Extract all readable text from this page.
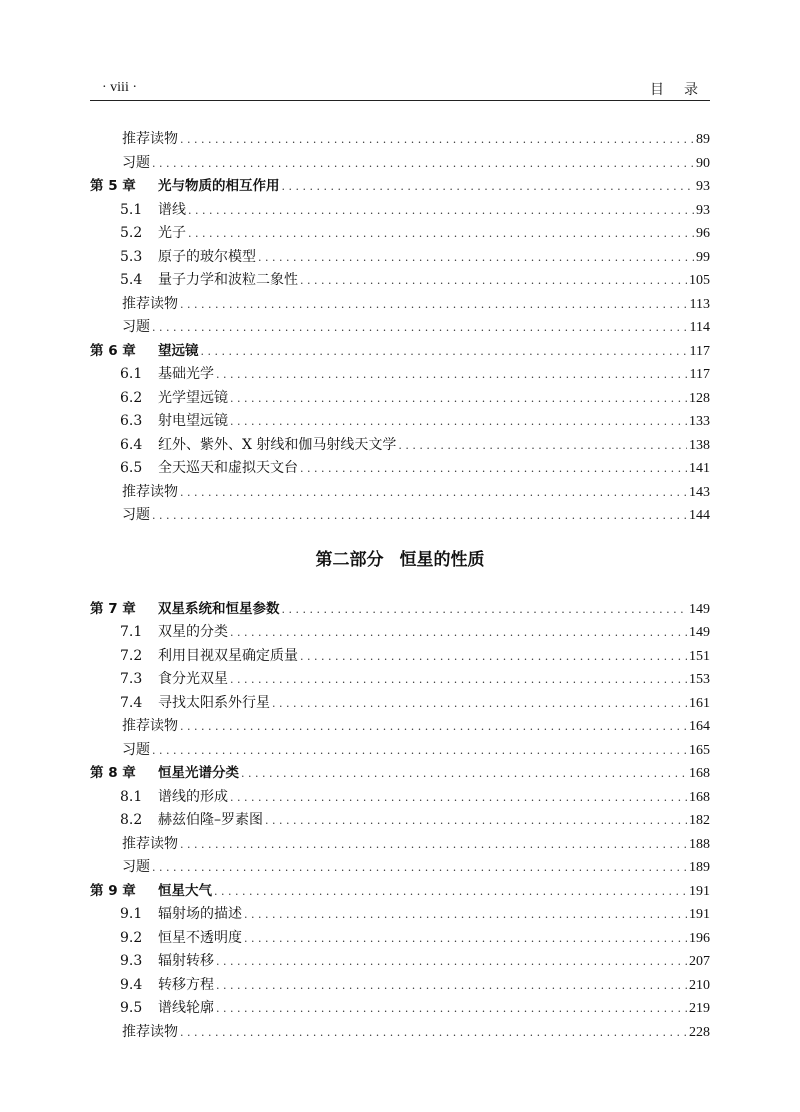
· viii ·	目录
推荐读物 . . .	89
习题 . . .	90
第 5 章	光与物质的相互作用 . . .	93
5.1	谱线 . . .	93
5.2	光子 . . .	96
5.3	原子的玻尔模型 . . .	99
5.4	量子力学和波粒二象性 . . .	105
推荐读物 . . .	113
习题 . . .	114
第 6 章	望远镜 . . .	117
6.1	基础光学 . . .	117
6.2	光学望远镜 . . .	128
6.3	射电望远镜 . . .	133
6.4	红外、紫外、X 射线和伽马射线天文学 . . .	138
6.5	全天巡天和虚拟天文台 . . .	141
推荐读物 . . .	143
习题 . . .	144
第二部分 恒星的性质
第 7 章	双星系统和恒星参数 . . .	149
7.1	双星的分类 . . .	149
7.2	利用目视双星确定质量 . . .	151
7.3	食分光双星 . . .	153
7.4	寻找太阳系外行星 . . .	161
推荐读物 . . .	164
习题 . . .	165
第 8 章	恒星光谱分类 . . .	168
8.1	谱线的形成 . . .	168
8.2	赫兹伯隆–罗素图 . . .	182
推荐读物 . . .	188
习题 . . .	189
第 9 章	恒星大气 . . .	191
9.1	辐射场的描述 . . .	191
9.2	恒星不透明度 . . .	196
9.3	辐射转移 . . .	207
9.4	转移方程 . . .	210
9.5	谱线轮廓 . . .	219
推荐读物 . . .	228
